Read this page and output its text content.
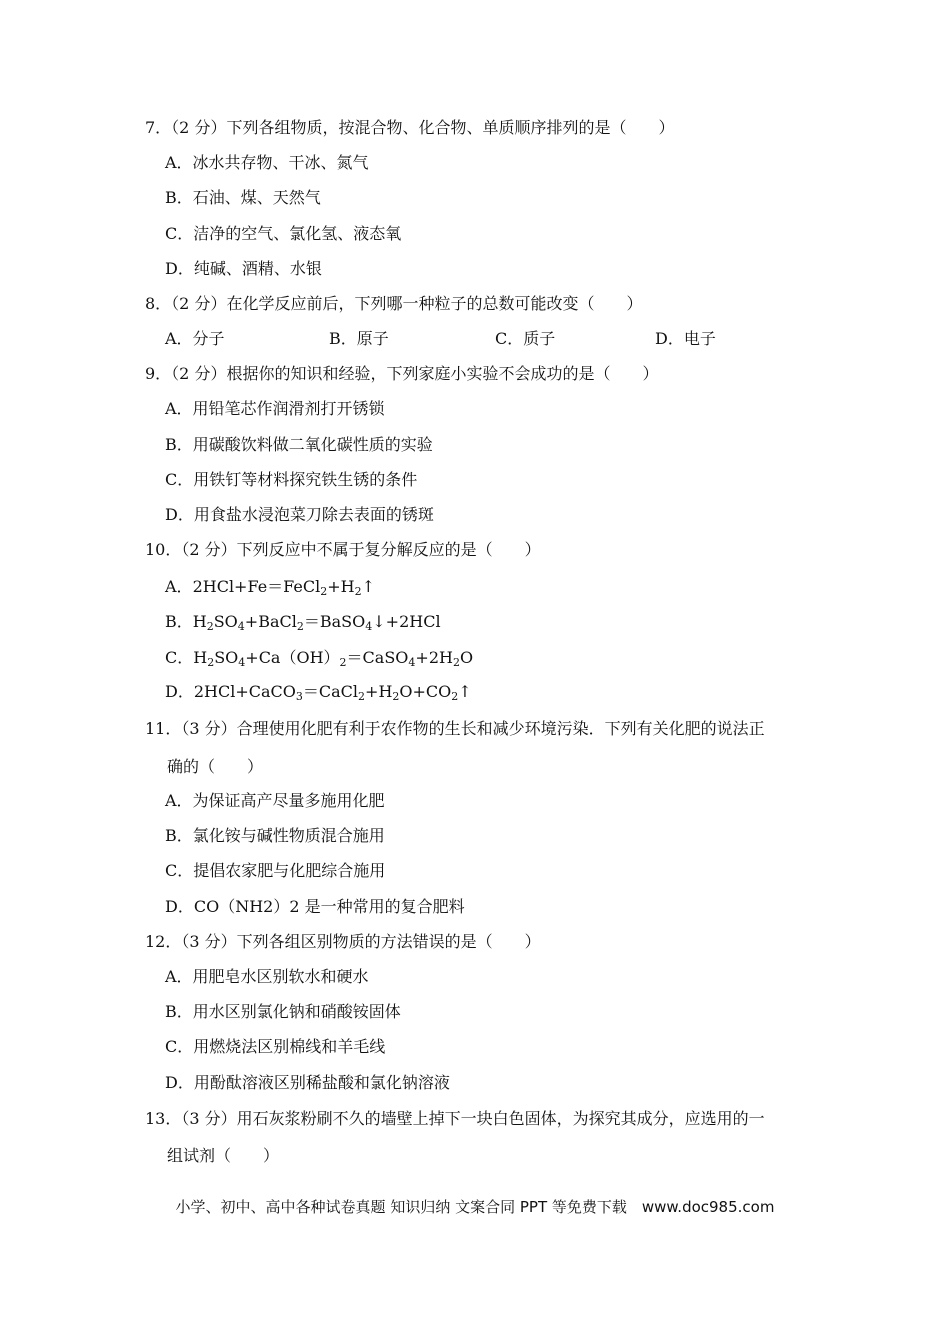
7．（2 分）下列各组物质，按混合物、化合物、单质顺序排列的是（　　）
A．冰水共存物、干冰、氮气
B．石油、煤、天然气
C．洁净的空气、氯化氢、液态氧
D．纯碱、酒精、水银
8．（2 分）在化学反应前后，下列哪一种粒子的总数可能改变（　　）
A．分子	B．原子	C．质子	D．电子
9．（2 分）根据你的知识和经验，下列家庭小实验不会成功的是（　　）
A．用铅笔芯作润滑剂打开锈锁
B．用碳酸饮料做二氧化碳性质的实验
C．用铁钉等材料探究铁生锈的条件
D．用食盐水浸泡菜刀除去表面的锈斑
10．（2 分）下列反应中不属于复分解反应的是（　　）
A．$2HCl+Fe=FeCl_2+H_2↑$
B．$H_2SO_4+BaCl_2=BaSO_4↓+2HCl$
C．$H_2SO_4+Ca(OH)_2=CaSO_4+2H_2O$
D．$2HCl+CaCO_3=CaCl_2+H_2O+CO_2↑$
11．（3 分）合理使用化肥有利于农作物的生长和减少环境污染．下列有关化肥的说法正
确的（　　）
A．为保证高产尽量多施用化肥
B．氯化铵与碱性物质混合施用
C．提倡农家肥与化肥综合施用
D．CO（NH2）2 是一种常用的复合肥料
12．（3 分）下列各组区别物质的方法错误的是（　　）
A．用肥皂水区别软水和硬水
B．用水区别氯化钠和硝酸铵固体
C．用燃烧法区别棉线和羊毛线
D．用酚酞溶液区别稀盐酸和氯化钠溶液
13．（3 分）用石灰浆粉刷不久的墙壁上掉下一块白色固体，为探究其成分，应选用的一
组试剂（　　）
小学、初中、高中各种试卷真题 知识归纳 文案合同 PPT 等免费下载　www.doc985.com
